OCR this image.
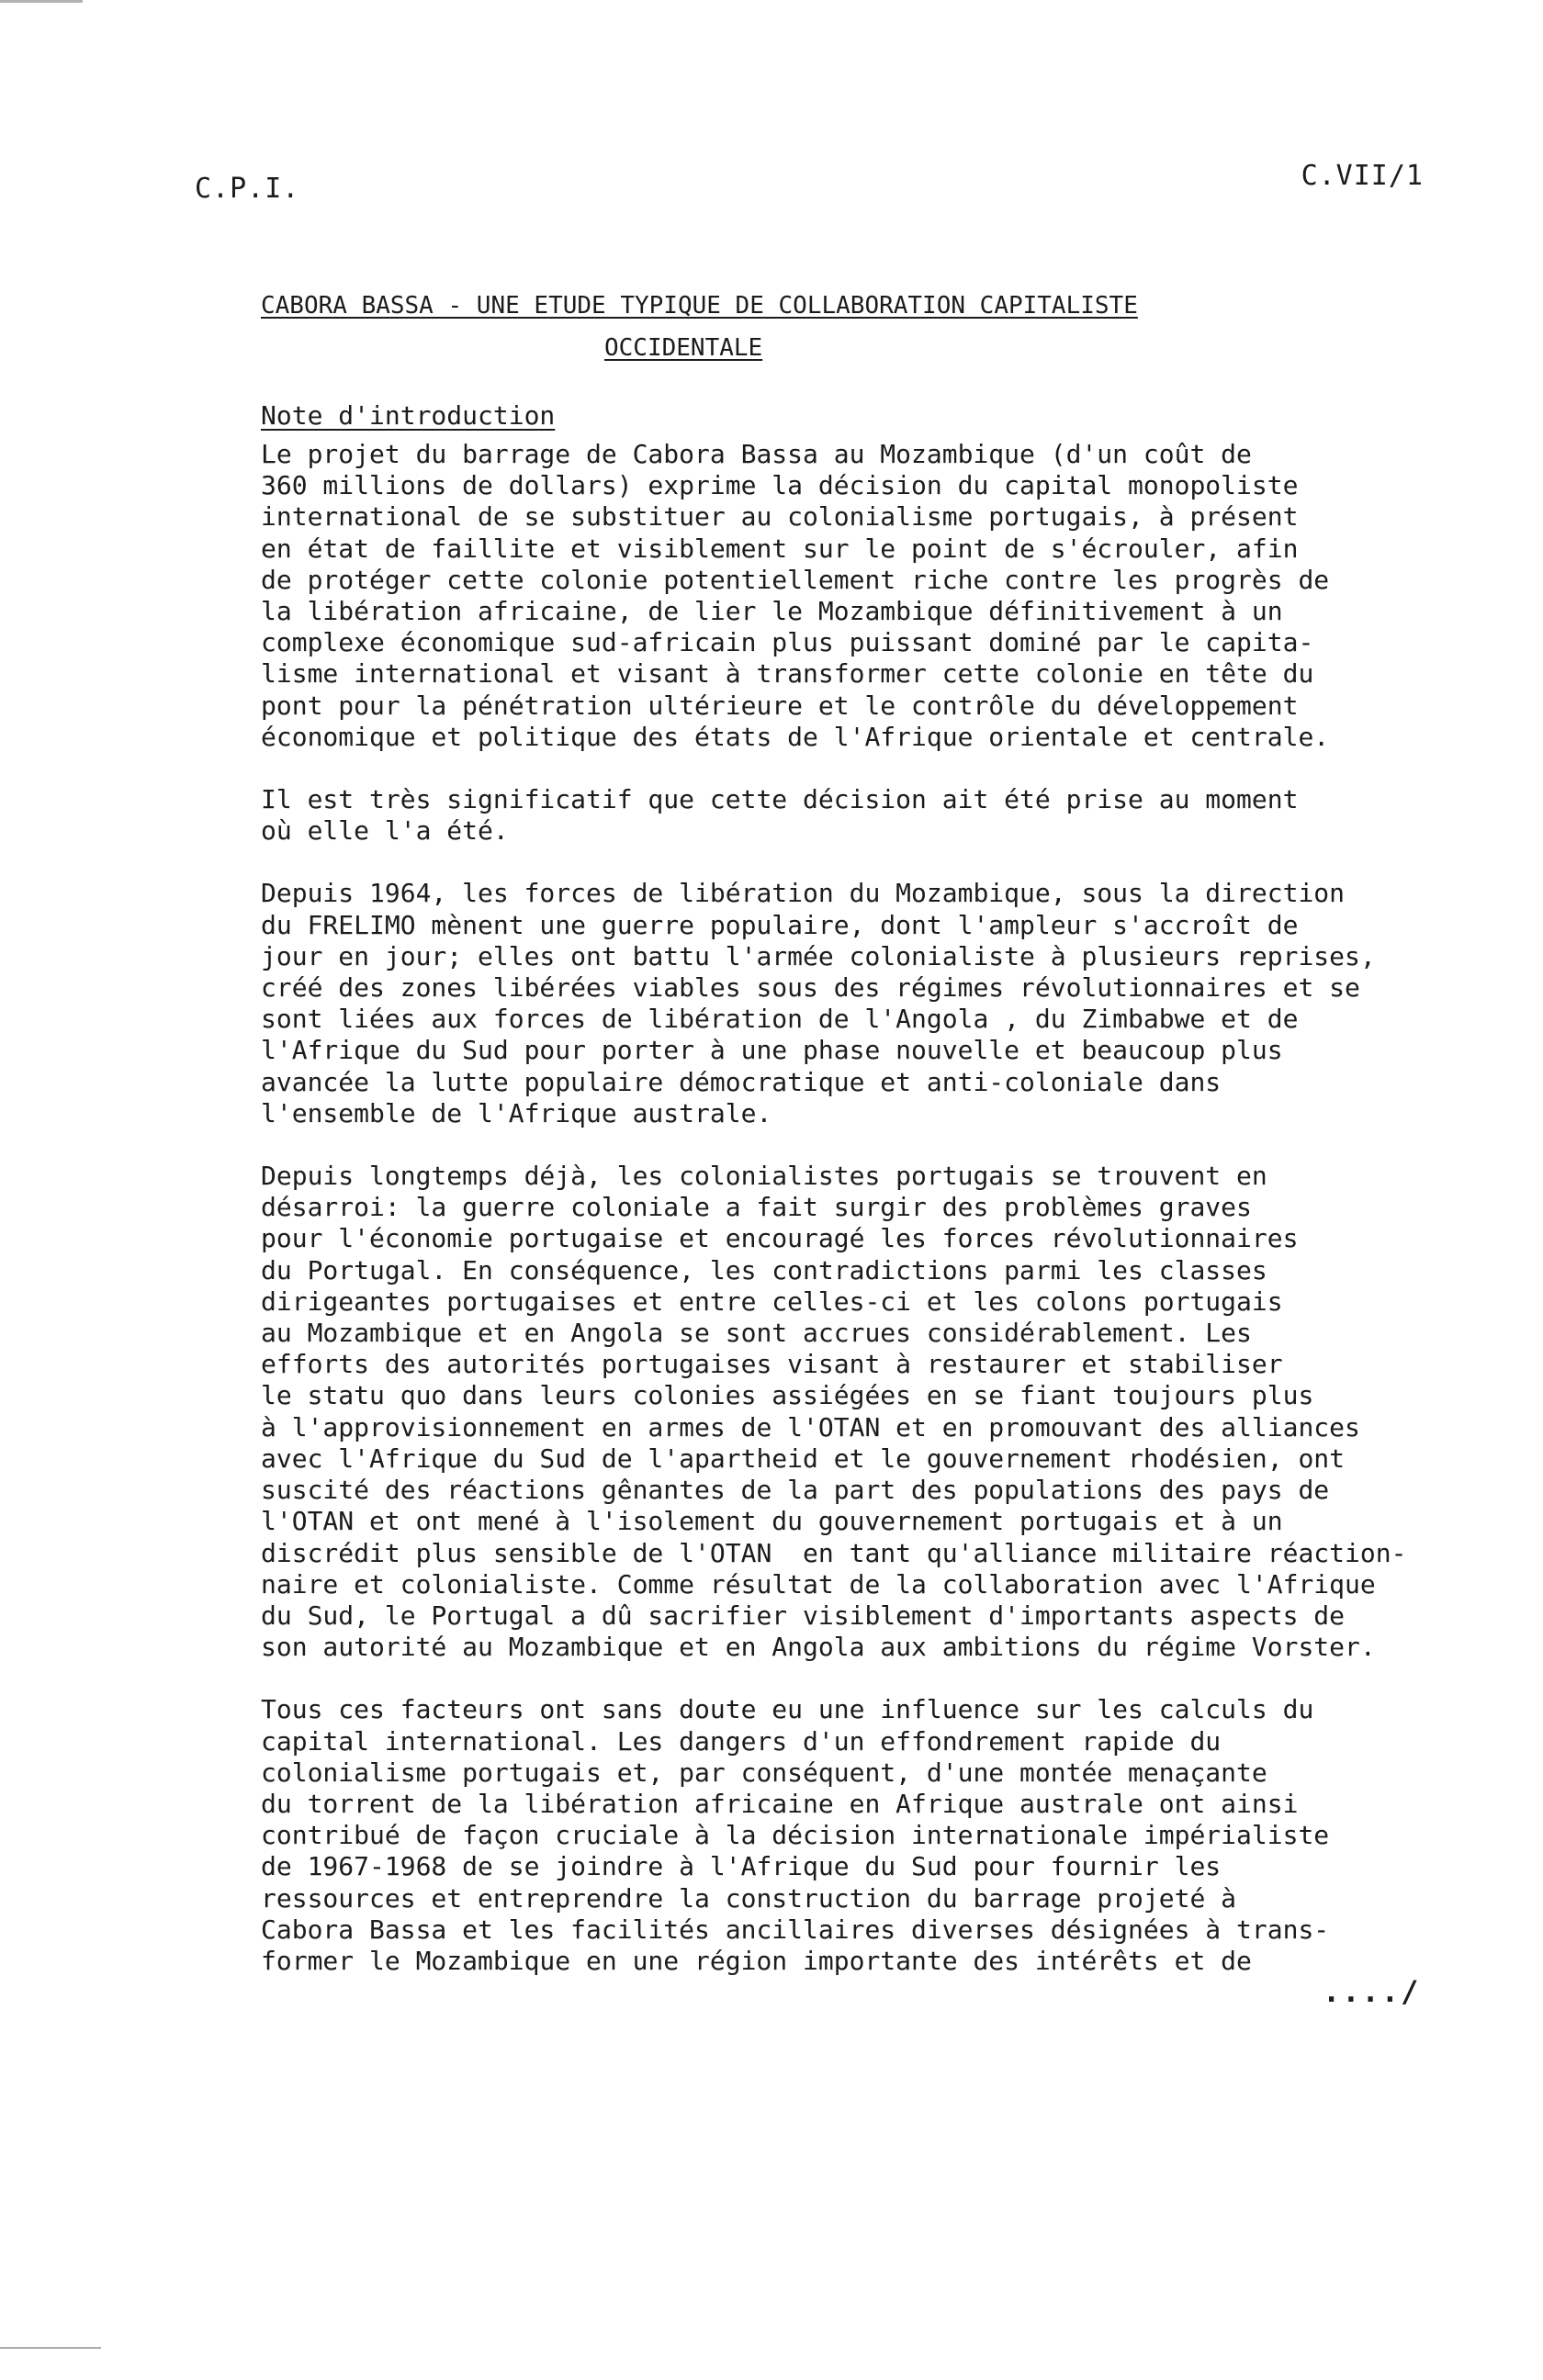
C.P.I.	C.VII/1
CABORA BASSA - UNE ETUDE TYPIQUE DE COLLABORATION CAPITALISTE
OCCIDENTALE
Note d'introduction

Le projet du barrage de Cabora Bassa au Mozambique (d'un coût de
360 millions de dollars) exprime la décision du capital monopoliste
international de se substituer au colonialisme portugais, à présent
en état de faillite et visiblement sur le point de s'écrouler, afin
de protéger cette colonie potentiellement riche contre les progrès de
la libération africaine, de lier le Mozambique définitivement à un
complexe économique sud-africain plus puissant dominé par le capita-
lisme international et visant à transformer cette colonie en tête du
pont pour la pénétration ultérieure et le contrôle du développement
économique et politique des états de l'Afrique orientale et centrale.

Il est très significatif que cette décision ait été prise au moment
où elle l'a été.

Depuis 1964, les forces de libération du Mozambique, sous la direction
du FRELIMO mènent une guerre populaire, dont l'ampleur s'accroît de
jour en jour; elles ont battu l'armée colonialiste à plusieurs reprises,
créé des zones libérées viables sous des régimes révolutionnaires et se
sont liées aux forces de libération de l'Angola , du Zimbabwe et de
l'Afrique du Sud pour porter à une phase nouvelle et beaucoup plus
avancée la lutte populaire démocratique et anti-coloniale dans
l'ensemble de l'Afrique australe.

Depuis longtemps déjà, les colonialistes portugais se trouvent en
désarroi: la guerre coloniale a fait surgir des problèmes graves
pour l'économie portugaise et encouragé les forces révolutionnaires
du Portugal. En conséquence, les contradictions parmi les classes
dirigeantes portugaises et entre celles-ci et les colons portugais
au Mozambique et en Angola se sont accrues considérablement. Les
efforts des autorités portugaises visant à restaurer et stabiliser
le statu quo dans leurs colonies assiégées en se fiant toujours plus
à l'approvisionnement en armes de l'OTAN et en promouvant des alliances
avec l'Afrique du Sud de l'apartheid et le gouvernement rhodésien, ont
suscité des réactions gênantes de la part des populations des pays de
l'OTAN et ont mené à l'isolement du gouvernement portugais et à un
discrédit plus sensible de l'OTAN  en tant qu'alliance militaire réaction-
naire et colonialiste. Comme résultat de la collaboration avec l'Afrique
du Sud, le Portugal a dû sacrifier visiblement d'importants aspects de
son autorité au Mozambique et en Angola aux ambitions du régime Vorster.

Tous ces facteurs ont sans doute eu une influence sur les calculs du
capital international. Les dangers d'un effondrement rapide du
colonialisme portugais et, par conséquent, d'une montée menaçante
du torrent de la libération africaine en Afrique australe ont ainsi
contribué de façon cruciale à la décision internationale impérialiste
de 1967-1968 de se joindre à l'Afrique du Sud pour fournir les
ressources et entreprendre la construction du barrage projeté à
Cabora Bassa et les facilités ancillaires diverses désignées à trans-
former le Mozambique en une région importante des intérêts et de

..../
